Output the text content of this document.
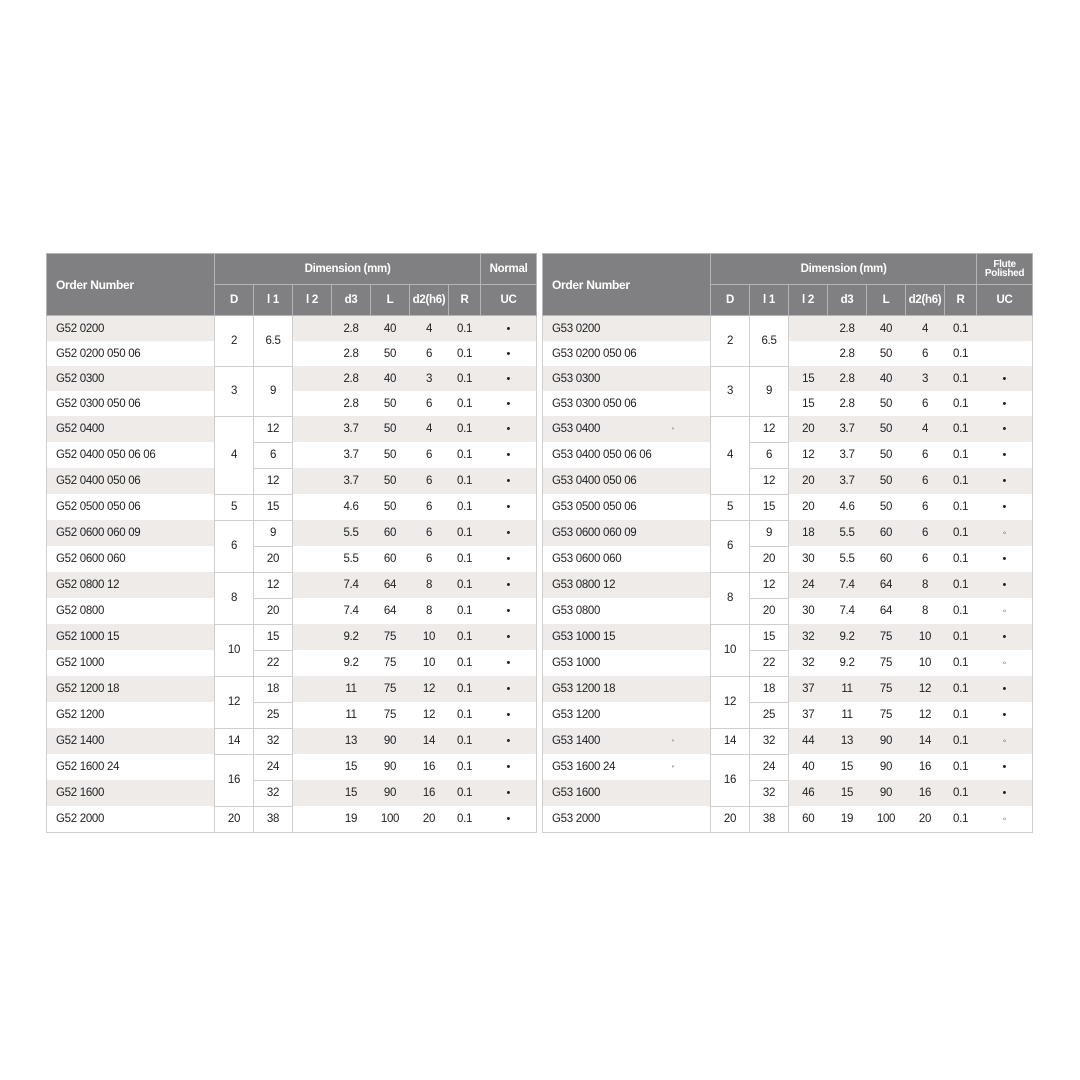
Order Number	Dimension (mm)							Normal
	D	l 1	l 2	d3	L	d2(h6)	R	UC
G52 0200	2	6.5		2.8	40	4	0.1	•
G52 0200 050 06				2.8	50	6	0.1	•
G52 0300	3	9		2.8	40	3	0.1	•
G52 0300 050 06				2.8	50	6	0.1	•
G52 0400	4	12		3.7	50	4	0.1	•
G52 0400 050 06 06		6		3.7	50	6	0.1	•
G52 0400 050 06		12		3.7	50	6	0.1	•
G52 0500 050 06	5	15		4.6	50	6	0.1	•
G52 0600 060 09	6	9		5.5	60	6	0.1	•
G52 0600 060		20		5.5	60	6	0.1	•
G52 0800 12	8	12		7.4	64	8	0.1	•
G52 0800		20		7.4	64	8	0.1	•
G52 1000 15	10	15		9.2	75	10	0.1	•
G52 1000		22		9.2	75	10	0.1	•
G52 1200 18	12	18		11	75	12	0.1	•
G52 1200		25		11	75	12	0.1	•
G52 1400	14	32		13	90	14	0.1	•
G52 1600 24	16	24		15	90	16	0.1	•
G52 1600		32		15	90	16	0.1	•
G52 2000	20	38		19	100	20	0.1	•
Order Number	Dimension (mm)							Flute Polished
	D	l 1	l 2	d3	L	d2(h6)	R	UC
G53 0200	2	6.5		2.8	40	4	0.1	
G53 0200 050 06				2.8	50	6	0.1	
G53 0300	3	9	15	2.8	40	3	0.1	•
G53 0300 050 06			15	2.8	50	6	0.1	•
G53 0400 •	4	12	20	3.7	50	4	0.1	•
G53 0400 050 06 06		6	12	3.7	50	6	0.1	•
G53 0400 050 06		12	20	3.7	50	6	0.1	•
G53 0500 050 06	5	15	20	4.6	50	6	0.1	•
G53 0600 060 09	6	9	18	5.5	60	6	0.1	◦
G53 0600 060		20	30	5.5	60	6	0.1	•
G53 0800 12	8	12	24	7.4	64	8	0.1	•
G53 0800		20	30	7.4	64	8	0.1	◦
G53 1000 15	10	15	32	9.2	75	10	0.1	•
G53 1000		22	32	9.2	75	10	0.1	◦
G53 1200 18	12	18	37	11	75	12	0.1	•
G53 1200		25	37	11	75	12	0.1	•
G53 1400 •	14	32	44	13	90	14	0.1	◦
G53 1600 24 •	16	24	40	15	90	16	0.1	•
G53 1600		32	46	15	90	16	0.1	•
G53 2000	20	38	60	19	100	20	0.1	◦
